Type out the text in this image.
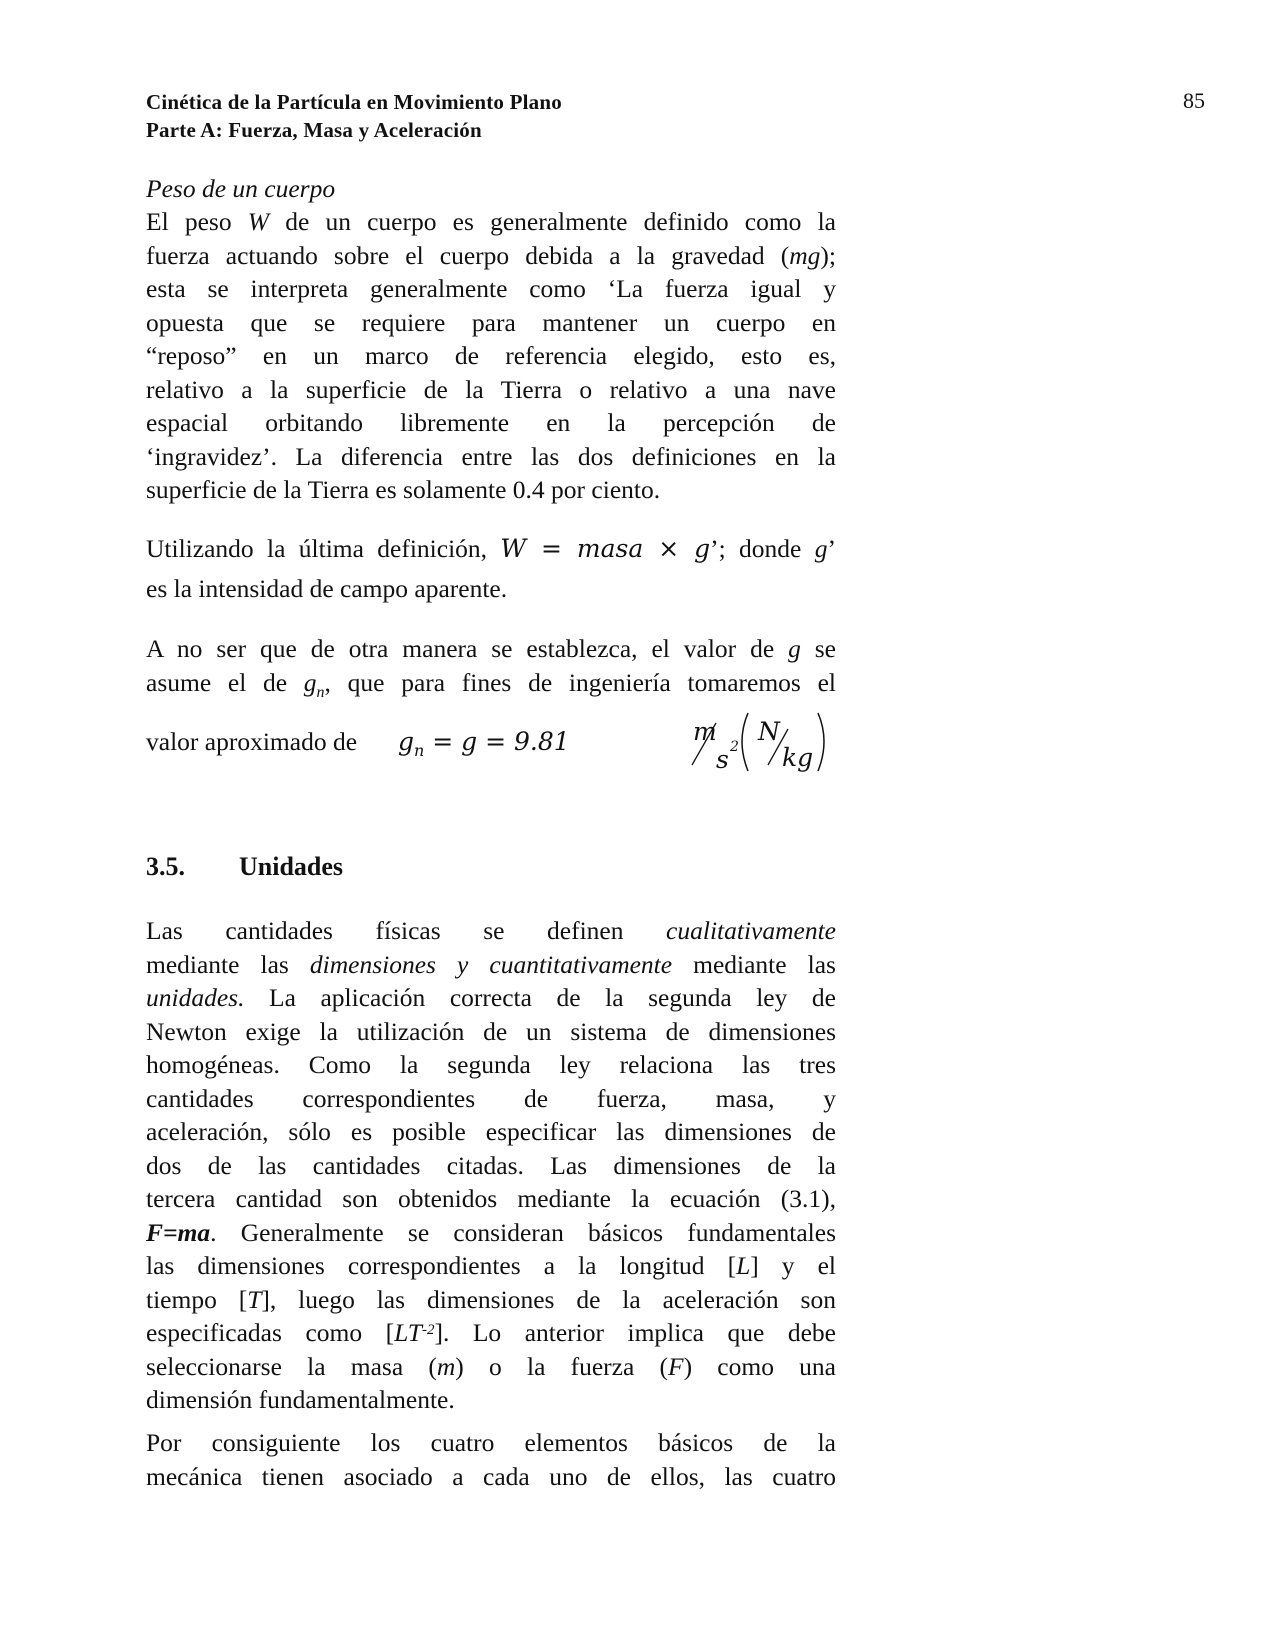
Cinética de la Partícula en Movimiento Plano
Parte A: Fuerza, Masa y Aceleración
85
Peso de un cuerpo
El peso W de un cuerpo es generalmente definido como la
fuerza actuando sobre el cuerpo debida a la gravedad (mg);
esta se interpreta generalmente como ‘La fuerza igual y
opuesta que se requiere para mantener un cuerpo en
“reposo” en un marco de referencia elegido, esto es,
relativo a la superficie de la Tierra o relativo a una nave
espacial orbitando libremente en la percepción de
‘ingravidez’. La diferencia entre las dos definiciones en la
superficie de la Tierra es solamente 0.4 por ciento.
Utilizando la última definición, W = masa × g’; donde g’
es la intensidad de campo aparente.
A no ser que de otra manera se establezca, el valor de g se
asume el de $g_n$, que para fines de ingeniería tomaremos el
valor aproximado de $g_n = g = 9.81$	m
s 2
N
kg
3.5. Unidades
Las cantidades físicas se definen cualitativamente
mediante las dimensiones y cuantitativamente mediante las
unidades. La aplicación correcta de la segunda ley de
Newton exige la utilización de un sistema de dimensiones
homogéneas. Como la segunda ley relaciona las tres
cantidades correspondientes de fuerza, masa, y
aceleración, sólo es posible especificar las dimensiones de
dos de las cantidades citadas. Las dimensiones de la
tercera cantidad son obtenidos mediante la ecuación (3.1),
F=ma. Generalmente se consideran básicos fundamentales
las dimensiones correspondientes a la longitud [L] y el
tiempo [T], luego las dimensiones de la aceleración son
especificadas como $[LT^{-2}]$. Lo anterior implica que debe
seleccionarse la masa (m) o la fuerza (F) como una
dimensión fundamentalmente.
Por consiguiente los cuatro elementos básicos de la
mecánica tienen asociado a cada uno de ellos, las cuatro
